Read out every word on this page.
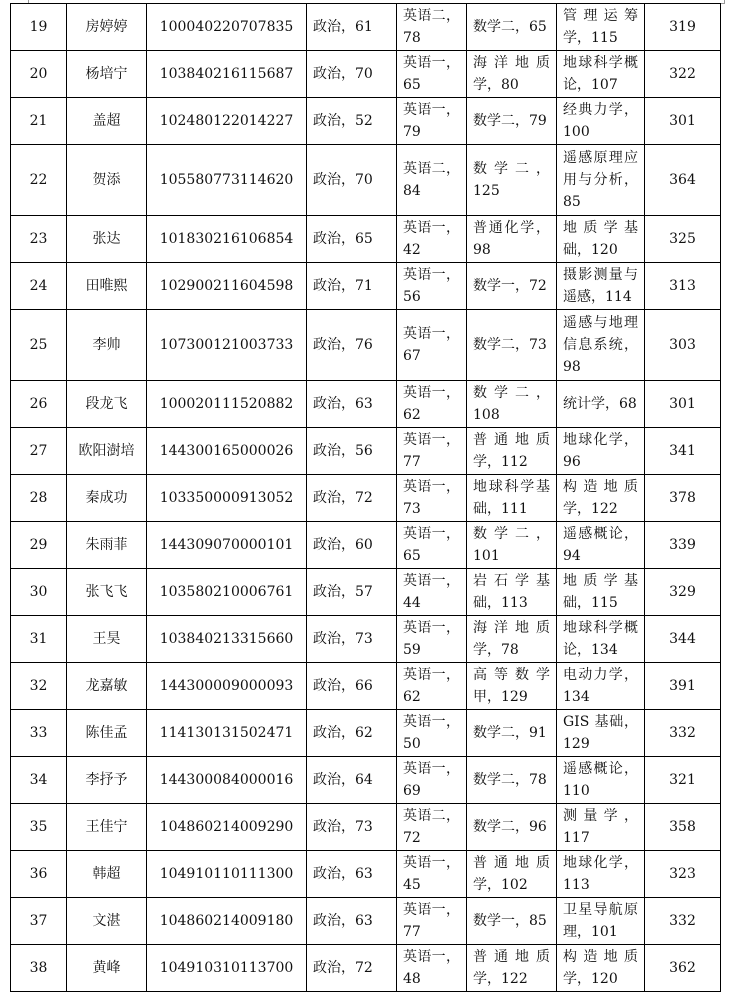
19	房婷婷	100040220707835	政治，61	英语二，78	数学二，65	管理运筹学，115	319
20	杨培宁	103840216115687	政治，70	英语一，65	海洋地质学，80	地球科学概论，107	322
21	盖超	102480122014227	政治，52	英语一，79	数学二，79	经典力学，100	301
22	贺添	105580773114620	政治，70	英语二，84	数学二，125	遥感原理应用与分析，85	364
23	张达	101830216106854	政治，65	英语一，42	普通化学，98	地质学基础，120	325
24	田唯熙	102900211604598	政治，71	英语一，56	数学一，72	摄影测量与遥感，114	313
25	李帅	107300121003733	政治，76	英语一，67	数学二，73	遥感与地理信息系统，98	303
26	段龙飞	100020111520882	政治，63	英语一，62	数学二，108	统计学，68	301
27	欧阳澍培	144300165000026	政治，56	英语一，77	普通地质学，112	地球化学，96	341
28	秦成功	103350000913052	政治，72	英语一，73	地球科学基础，111	构造地质学，122	378
29	朱雨菲	144309070000101	政治，60	英语一，65	数学二，101	遥感概论，94	339
30	张飞飞	103580210006761	政治，57	英语一，44	岩石学基础，113	地质学基础，115	329
31	王昊	103840213315660	政治，73	英语一，59	海洋地质学，78	地球科学概论，134	344
32	龙嘉敏	144300009000093	政治，66	英语一，62	高等数学甲，129	电动力学，134	391
33	陈佳孟	114130131502471	政治，62	英语一，50	数学二，91	GIS 基础，129	332
34	李抒予	144300084000016	政治，64	英语一，69	数学二，78	遥感概论，110	321
35	王佳宁	104860214009290	政治，73	英语二，72	数学二，96	测量学，117	358
36	韩超	104910110111300	政治，63	英语一，45	普通地质学，102	地球化学，113	323
37	文湛	104860214009180	政治，63	英语一，77	数学一，85	卫星导航原理，101	332
38	黄峰	104910310113700	政治，72	英语一，48	普通地质学，122	构造地质学，120	362
